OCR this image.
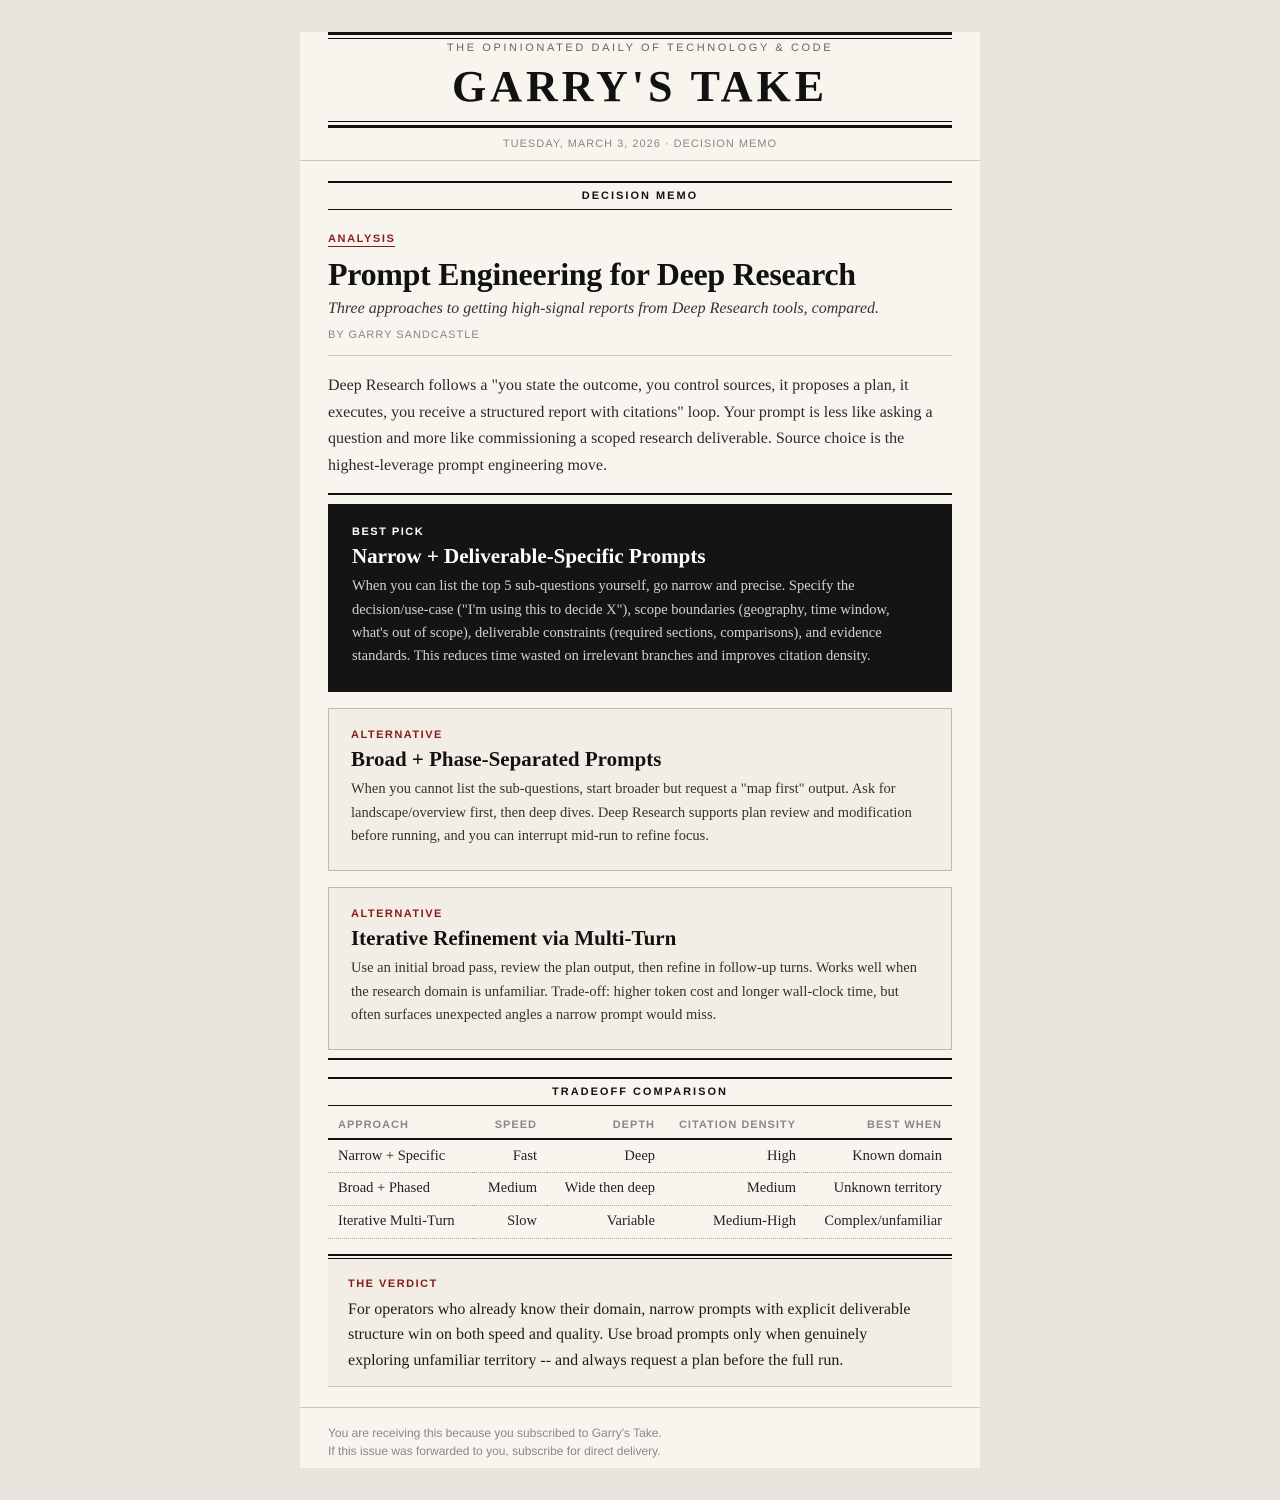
THE OPINIONATED DAILY OF TECHNOLOGY & CODE
GARRY'S TAKE
TUESDAY, MARCH 3, 2026 · DECISION MEMO
DECISION MEMO
ANALYSIS
Prompt Engineering for Deep Research
Three approaches to getting high-signal reports from Deep Research tools, compared.
BY GARRY SANDCASTLE

Deep Research follows a "you state the outcome, you control sources, it proposes a plan, it executes, you receive a structured report with citations" loop. Your prompt is less like asking a question and more like commissioning a scoped research deliverable. Source choice is the highest-leverage prompt engineering move.

BEST PICK
Narrow + Deliverable-Specific Prompts
When you can list the top 5 sub-questions yourself, go narrow and precise. Specify the decision/use-case ("I'm using this to decide X"), scope boundaries (geography, time window, what's out of scope), deliverable constraints (required sections, comparisons), and evidence standards. This reduces time wasted on irrelevant branches and improves citation density.
ALTERNATIVE
Broad + Phase-Separated Prompts
When you cannot list the sub-questions, start broader but request a "map first" output. Ask for landscape/overview first, then deep dives. Deep Research supports plan review and modification before running, and you can interrupt mid-run to refine focus.
ALTERNATIVE
Iterative Refinement via Multi-Turn
Use an initial broad pass, review the plan output, then refine in follow-up turns. Works well when the research domain is unfamiliar. Trade-off: higher token cost and longer wall-clock time, but often surfaces unexpected angles a narrow prompt would miss.
TRADEOFF COMPARISON
APPROACH	SPEED	DEPTH	CITATION DENSITY	BEST WHEN
Narrow + Specific	Fast	Deep	High	Known domain
Broad + Phased	Medium	Wide then deep	Medium	Unknown territory
Iterative Multi-Turn	Slow	Variable	Medium-High	Complex/unfamiliar
THE VERDICT
For operators who already know their domain, narrow prompts with explicit deliverable structure win on both speed and quality. Use broad prompts only when genuinely exploring unfamiliar territory -- and always request a plan before the full run.
You are receiving this because you subscribed to Garry's Take.
If this issue was forwarded to you, subscribe for direct delivery.
